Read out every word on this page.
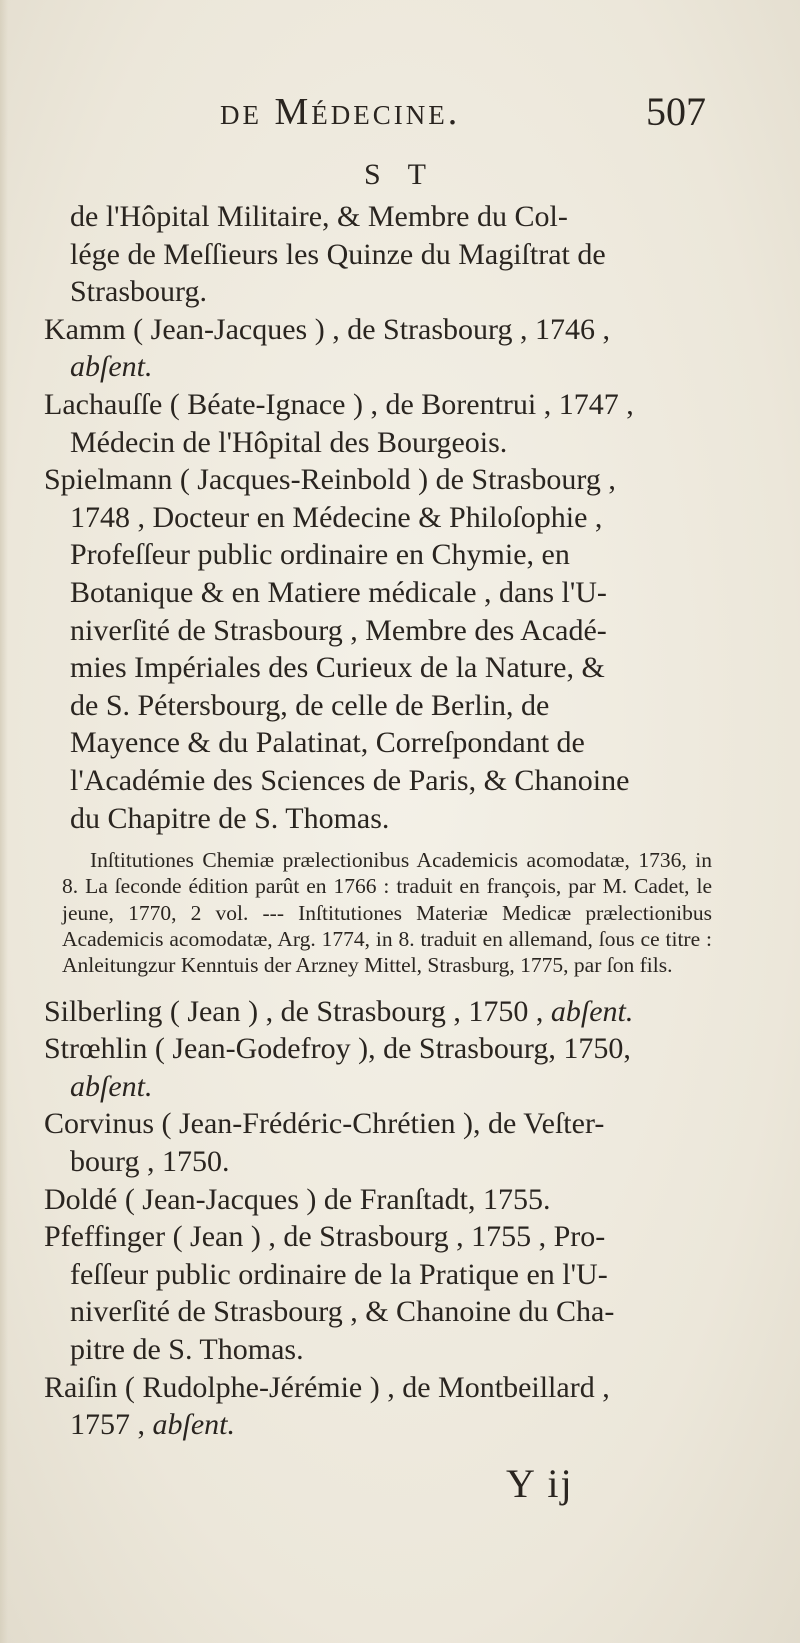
de Médecine.	507
S T

de l'Hôpital Militaire, & Membre du Col-

lége de Meſſieurs les Quinze du Magiſtrat de

Strasbourg.

Kamm ( Jean-Jacques ) , de Strasbourg , 1746 ,

abſent.

Lachauſſe ( Béate-Ignace ) , de Borentrui , 1747 ,

Médecin de l'Hôpital des Bourgeois.

Spielmann ( Jacques-Reinbold ) de Strasbourg ,

1748 , Docteur en Médecine & Philoſophie ,

Profeſſeur public ordinaire en Chymie, en

Botanique & en Matiere médicale , dans l'U-

niverſité de Strasbourg , Membre des Acadé-

mies Impériales des Curieux de la Nature, &

de S. Pétersbourg, de celle de Berlin, de

Mayence & du Palatinat, Correſpondant de

l'Académie des Sciences de Paris, & Chanoine

du Chapitre de S. Thomas.

Inſtitutiones Chemiæ prælectionibus Academicis acomodatæ, 1736, in 8. La ſeconde édition parût en 1766 : traduit en françois, par M. Cadet, le jeune, 1770, 2 vol. --- Inſtitutiones Materiæ Medicæ prælectionibus Academicis acomodatæ, Arg. 1774, in 8. traduit en allemand, ſous ce titre : Anleitungzur Kenntuis der Arzney Mittel, Strasburg, 1775, par ſon fils.

Silberling ( Jean ) , de Strasbourg , 1750 , abſent.

Strœhlin ( Jean-Godefroy ), de Strasbourg, 1750,

abſent.

Corvinus ( Jean-Frédéric-Chrétien ), de Veſter-

bourg , 1750.

Doldé ( Jean-Jacques ) de Franſtadt, 1755.

Pfeffinger ( Jean ) , de Strasbourg , 1755 , Pro-

feſſeur public ordinaire de la Pratique en l'U-

niverſité de Strasbourg , & Chanoine du Cha-

pitre de S. Thomas.

Raiſin ( Rudolphe-Jérémie ) , de Montbeillard ,

1757 , abſent.

Y ij
